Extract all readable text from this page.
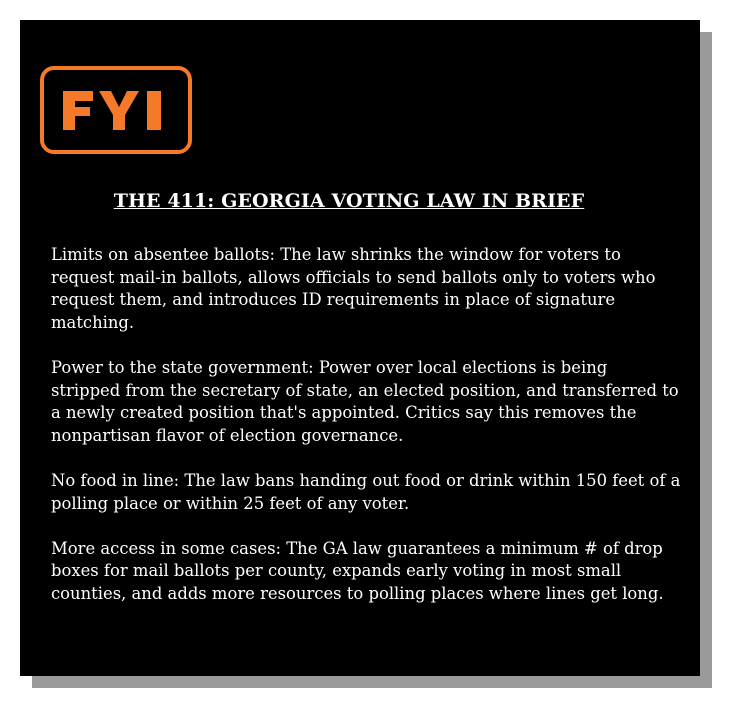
THE 411: GEORGIA VOTING LAW IN BRIEF

Limits on absentee ballots: The law shrinks the window for voters to request mail-in ballots, allows officials to send ballots only to voters who request them, and introduces ID requirements in place of signature matching.

Power to the state government: Power over local elections is being stripped from the secretary of state, an elected position, and transferred to a newly created position that's appointed. Critics say this removes the nonpartisan flavor of election governance.

No food in line: The law bans handing out food or drink within 150 feet of a polling place or within 25 feet of any voter.

More access in some cases: The GA law guarantees a minimum # of drop boxes for mail ballots per county, expands early voting in most small counties, and adds more resources to polling places where lines get long.
